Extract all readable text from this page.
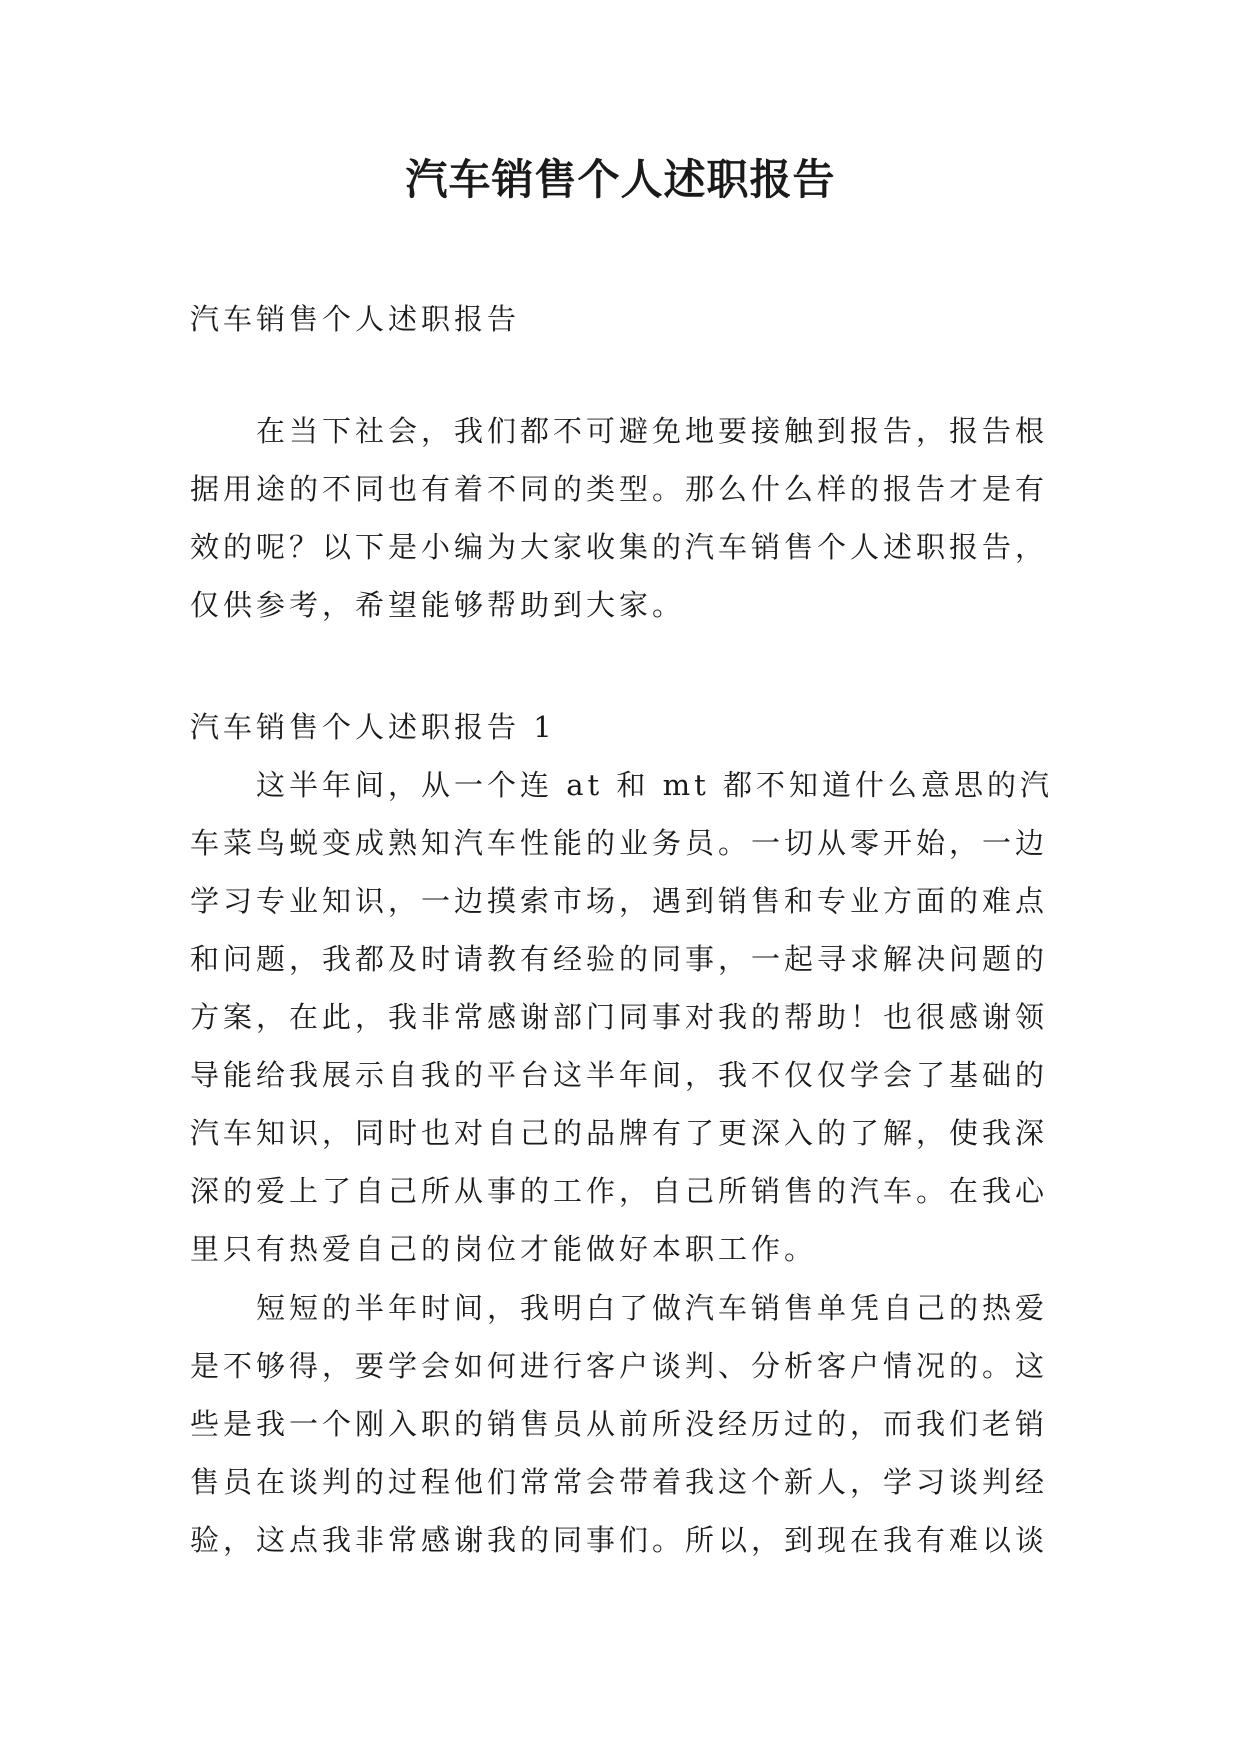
汽车销售个人述职报告

汽车销售个人述职报告

在当下社会，我们都不可避免地要接触到报告，报告根据用途的不同也有着不同的类型。那么什么样的报告才是有效的呢？以下是小编为大家收集的汽车销售个人述职报告，仅供参考，希望能够帮助到大家。

汽车销售个人述职报告 1

这半年间，从一个连 at 和 mt 都不知道什么意思的汽车菜鸟蜕变成熟知汽车性能的业务员。一切从零开始，一边学习专业知识，一边摸索市场，遇到销售和专业方面的难点和问题，我都及时请教有经验的同事，一起寻求解决问题的方案，在此，我非常感谢部门同事对我的帮助！也很感谢领导能给我展示自我的平台这半年间，我不仅仅学会了基础的汽车知识，同时也对自己的品牌有了更深入的了解，使我深深的爱上了自己所从事的工作，自己所销售的汽车。在我心里只有热爱自己的岗位才能做好本职工作。

短短的半年时间，我明白了做汽车销售单凭自己的热爱是不够得，要学会如何进行客户谈判、分析客户情况的。这些是我一个刚入职的销售员从前所没经历过的，而我们老销售员在谈判的过程他们常常会带着我这个新人，学习谈判经验，这点我非常感谢我的同事们。所以，到现在我有难以谈
